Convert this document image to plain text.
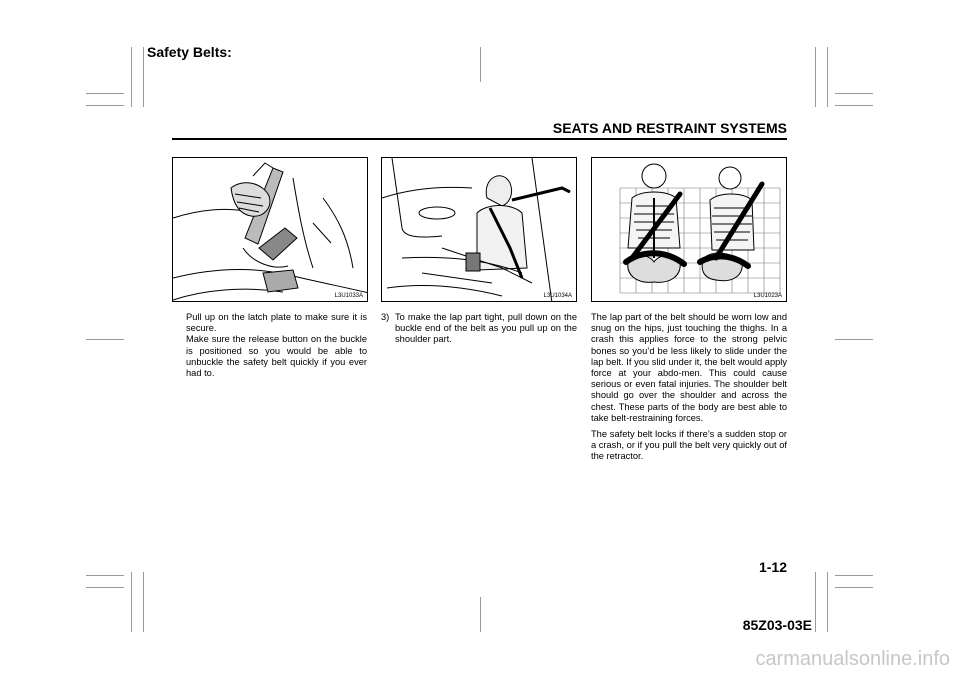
Safety Belts:
SEATS AND RESTRAINT SYSTEMS
L3U1033A	L3U1034A	L3U1023A

Pull up on the latch plate to make sure it is secure.

Make sure the release button on the buckle is positioned so you would be able to unbuckle the safety belt quickly if you ever had to.

3) To make the lap part tight, pull down on the buckle end of the belt as you pull up on the shoulder part.

The lap part of the belt should be worn low and snug on the hips, just touching the thighs. In a crash this applies force to the strong pelvic bones so you’d be less likely to slide under the lap belt. If you slid under it, the belt would apply force at your abdo-men. This could cause serious or even fatal injuries. The shoulder belt should go over the shoulder and across the chest. These parts of the body are best able to take belt-restraining forces.

The safety belt locks if there’s a sudden stop or a crash, or if you pull the belt very quickly out of the retractor.

1-12
85Z03-03E
carmanualsonline.info
